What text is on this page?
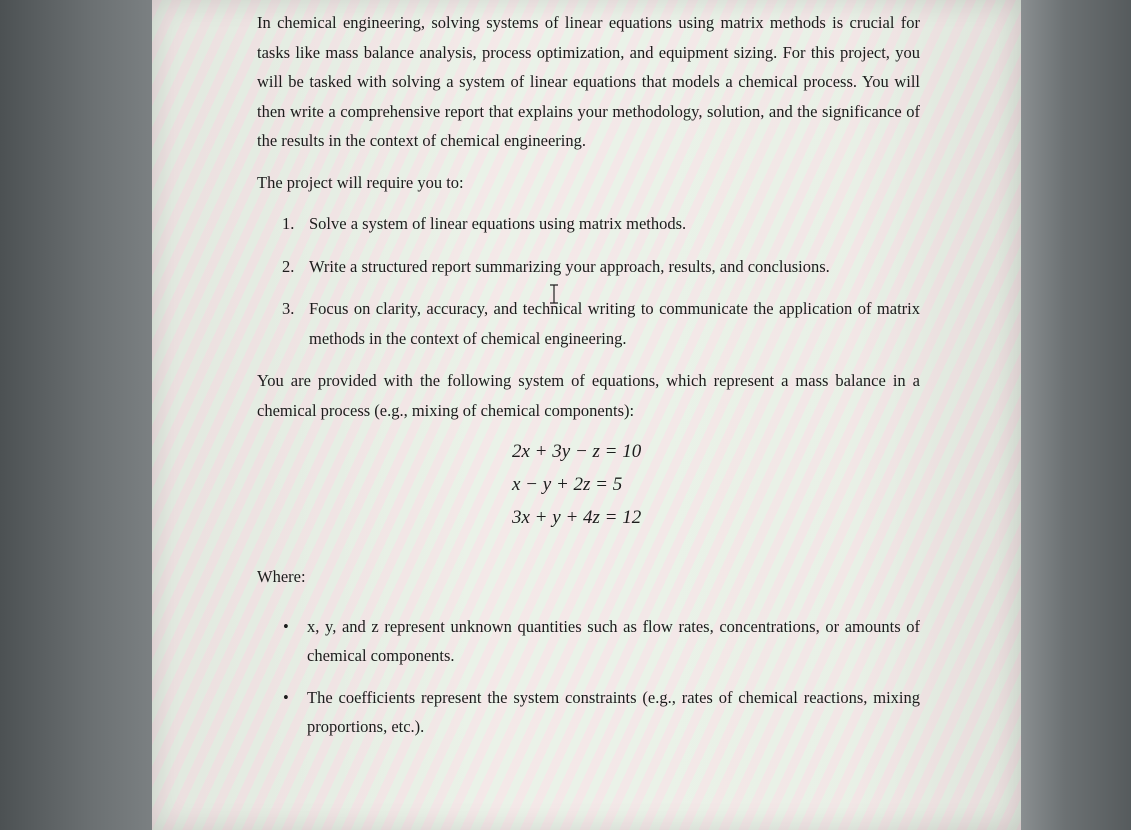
In chemical engineering, solving systems of linear equations using matrix methods is crucial for tasks like mass balance analysis, process optimization, and equipment sizing. For this project, you will be tasked with solving a system of linear equations that models a chemical process. You will then write a comprehensive report that explains your methodology, solution, and the significance of the results in the context of chemical engineering.

The project will require you to:

1. Solve a system of linear equations using matrix methods.
2. Write a structured report summarizing your approach, results, and conclusions.
3. Focus on clarity, accuracy, and technical writing to communicate the application of matrix methods in the context of chemical engineering.

You are provided with the following system of equations, which represent a mass balance in a chemical process (e.g., mixing of chemical components):

2x + 3y − z = 10
x − y + 2z = 5
3x + y + 4z = 12

Where:

• x, y, and z represent unknown quantities such as flow rates, concentrations, or amounts of chemical components.
• The coefficients represent the system constraints (e.g., rates of chemical reactions, mixing proportions, etc.).
